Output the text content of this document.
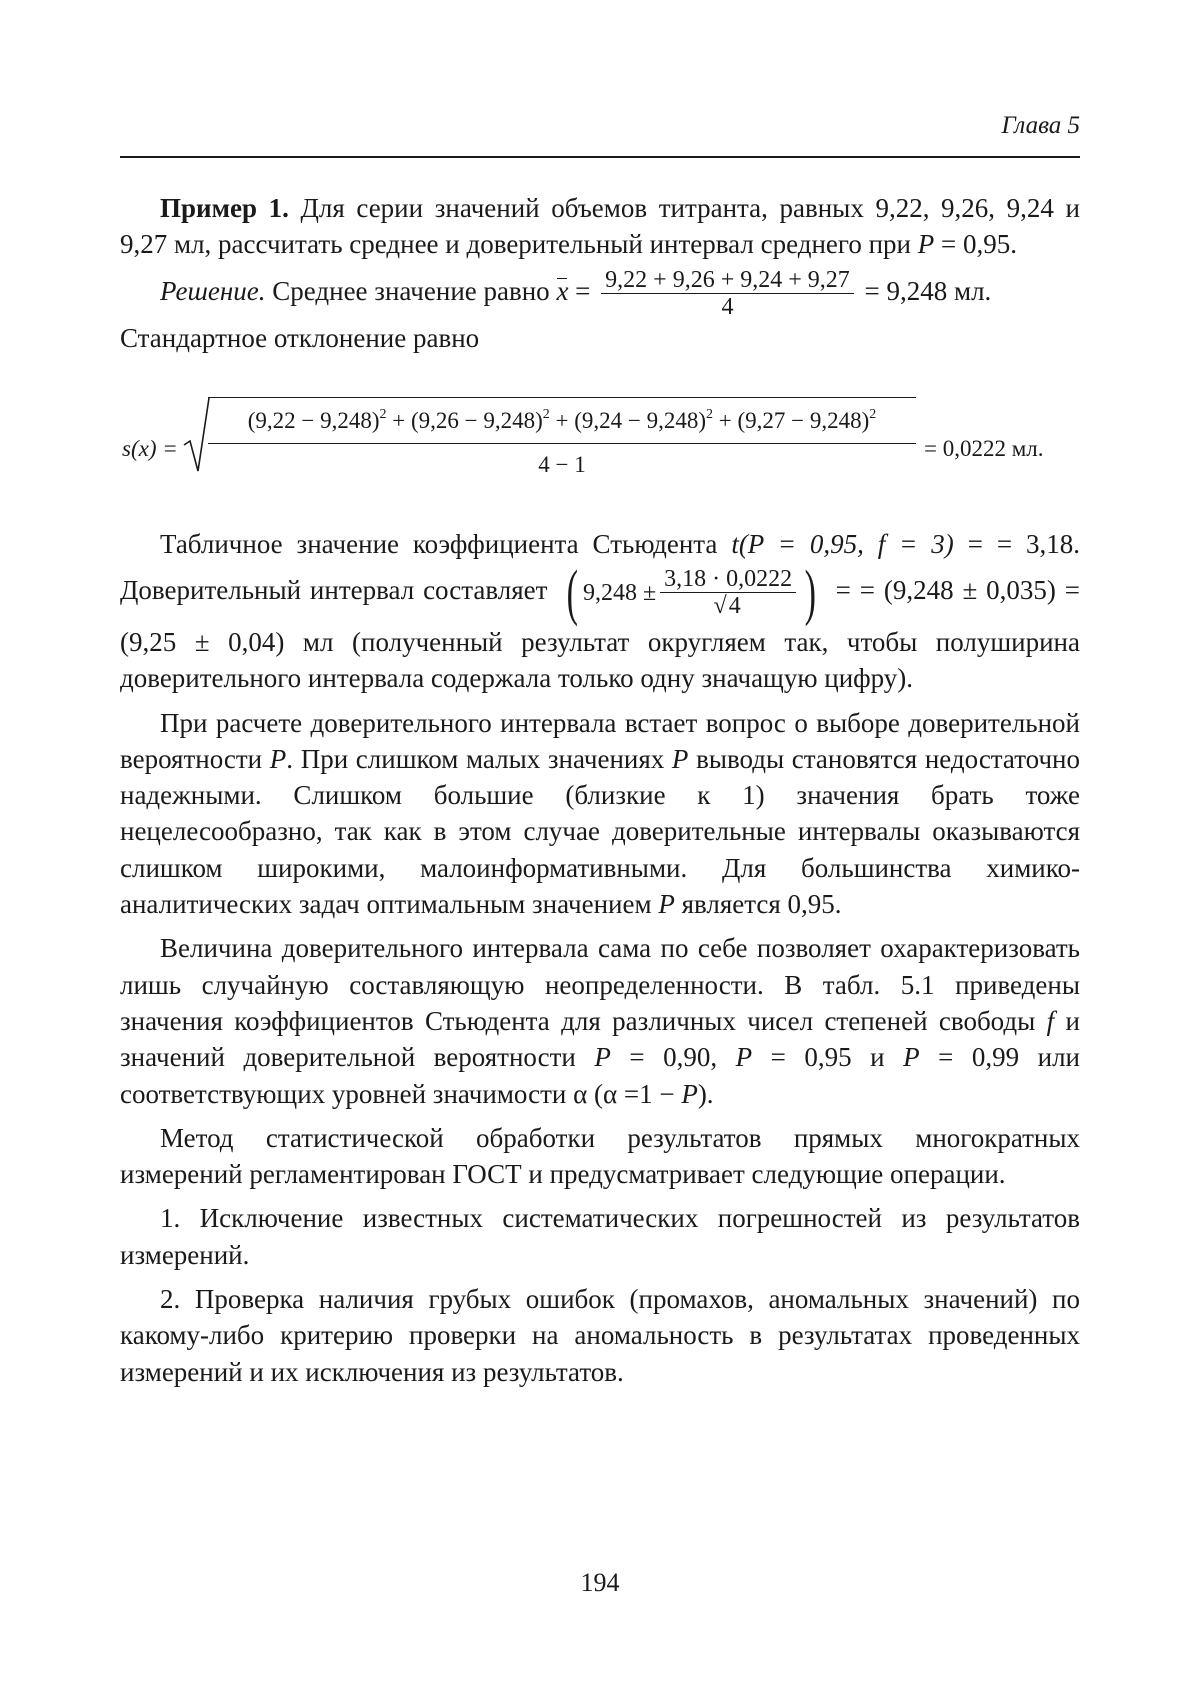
Глава 5

Пример 1. Для серии значений объемов титранта, равных 9,22, 9,26, 9,24 и 9,27 мл, рассчитать среднее и доверительный интервал среднего при P = 0,95.

Решение. Среднее значение равно x = 9,22 + 9,26 + 9,24 + 9,27
4
= 9,248 мл.

Стандартное отклонение равно

s(x) =
(9,22 − 9,248)2 + (9,26 − 9,248)2 + (9,24 − 9,248)2 + (9,27 − 9,248)2
4 − 1
= 0,0222 мл.

Табличное значение коэффициента Стьюдента t(P = 0,95, f = 3) = = 3,18. Доверительный интервал составляет ( 9,248 ±
3,18 · 0,0222
√4	) = = (9,248 ± 0,035) = (9,25 ± 0,04) мл (полученный результат округляем так, чтобы полуширина доверительного интервала содержала только одну значащую цифру).

При расчете доверительного интервала встает вопрос о выборе доверительной вероятности P. При слишком малых значениях P выводы становятся недостаточно надежными. Слишком большие (близкие к 1) значения брать тоже нецелесообразно, так как в этом случае доверительные интервалы оказываются слишком широкими, малоинформативными. Для большинства химико-аналитических задач оптимальным значением P является 0,95.

Величина доверительного интервала сама по себе позволяет охарактеризовать лишь случайную составляющую неопределенности. В табл. 5.1 приведены значения коэффициентов Стьюдента для различных чисел степеней свободы f и значений доверительной вероятности P = 0,90, P = 0,95 и P = 0,99 или соответствующих уровней значимости α (α =1 − P).

Метод статистической обработки результатов прямых многократных измерений регламентирован ГОСТ и предусматривает следующие операции.

1. Исключение известных систематических погрешностей из результатов измерений.

2. Проверка наличия грубых ошибок (промахов, аномальных значений) по какому-либо критерию проверки на аномальность в результатах проведенных измерений и их исключения из результатов.

194
